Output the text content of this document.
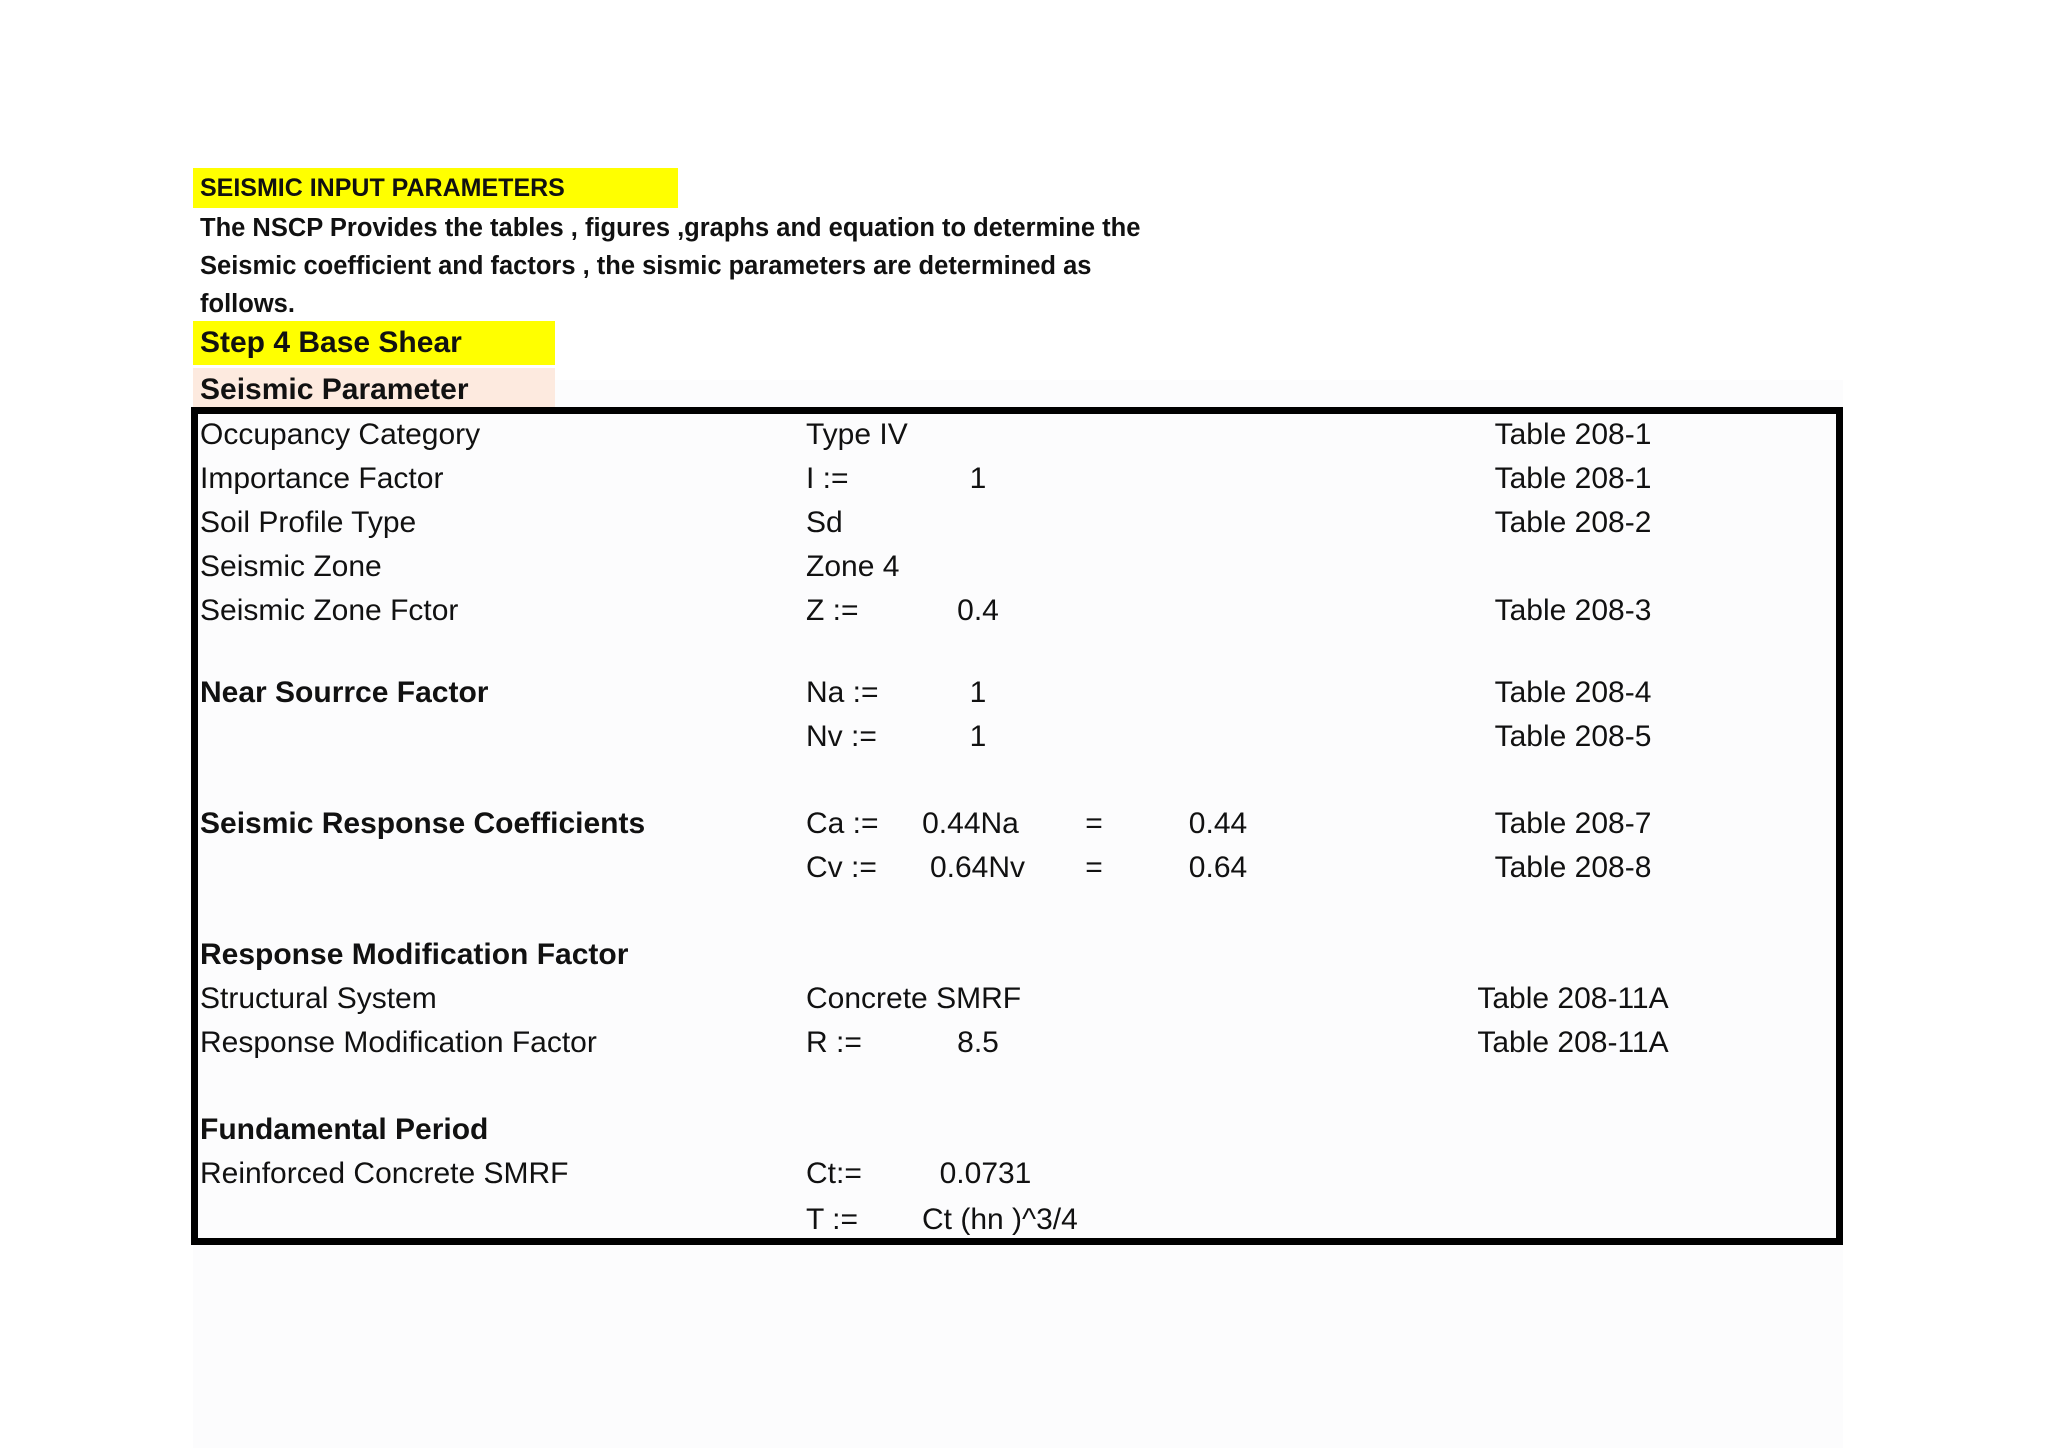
SEISMIC INPUT PARAMETERS
The NSCP Provides the tables , figures ,graphs and equation to determine the
Seismic coefficient and factors , the sismic parameters are determined as
follows.
Step 4 Base Shear
Seismic Parameter
Occupancy Category	Type IV	Table 208-1
Importance Factor	I :=	1	Table 208-1
Soil Profile Type	Sd	Table 208-2
Seismic Zone	Zone 4
Seismic Zone Fctor	Z :=	0.4	Table 208-3
Near Sourrce Factor	Na :=	1	Table 208-4
Nv :=	1	Table 208-5
Seismic Response Coefficients	Ca :=	0.44Na	=	0.44	Table 208-7
Cv :=	0.64Nv	=	0.64	Table 208-8
Response Modification Factor
Structural System	Concrete SMRF	Table 208-11A
Response Modification Factor	R :=	8.5	Table 208-11A
Fundamental Period
Reinforced Concrete SMRF	Ct:=	0.0731
T := Ct (hn )^3/4
